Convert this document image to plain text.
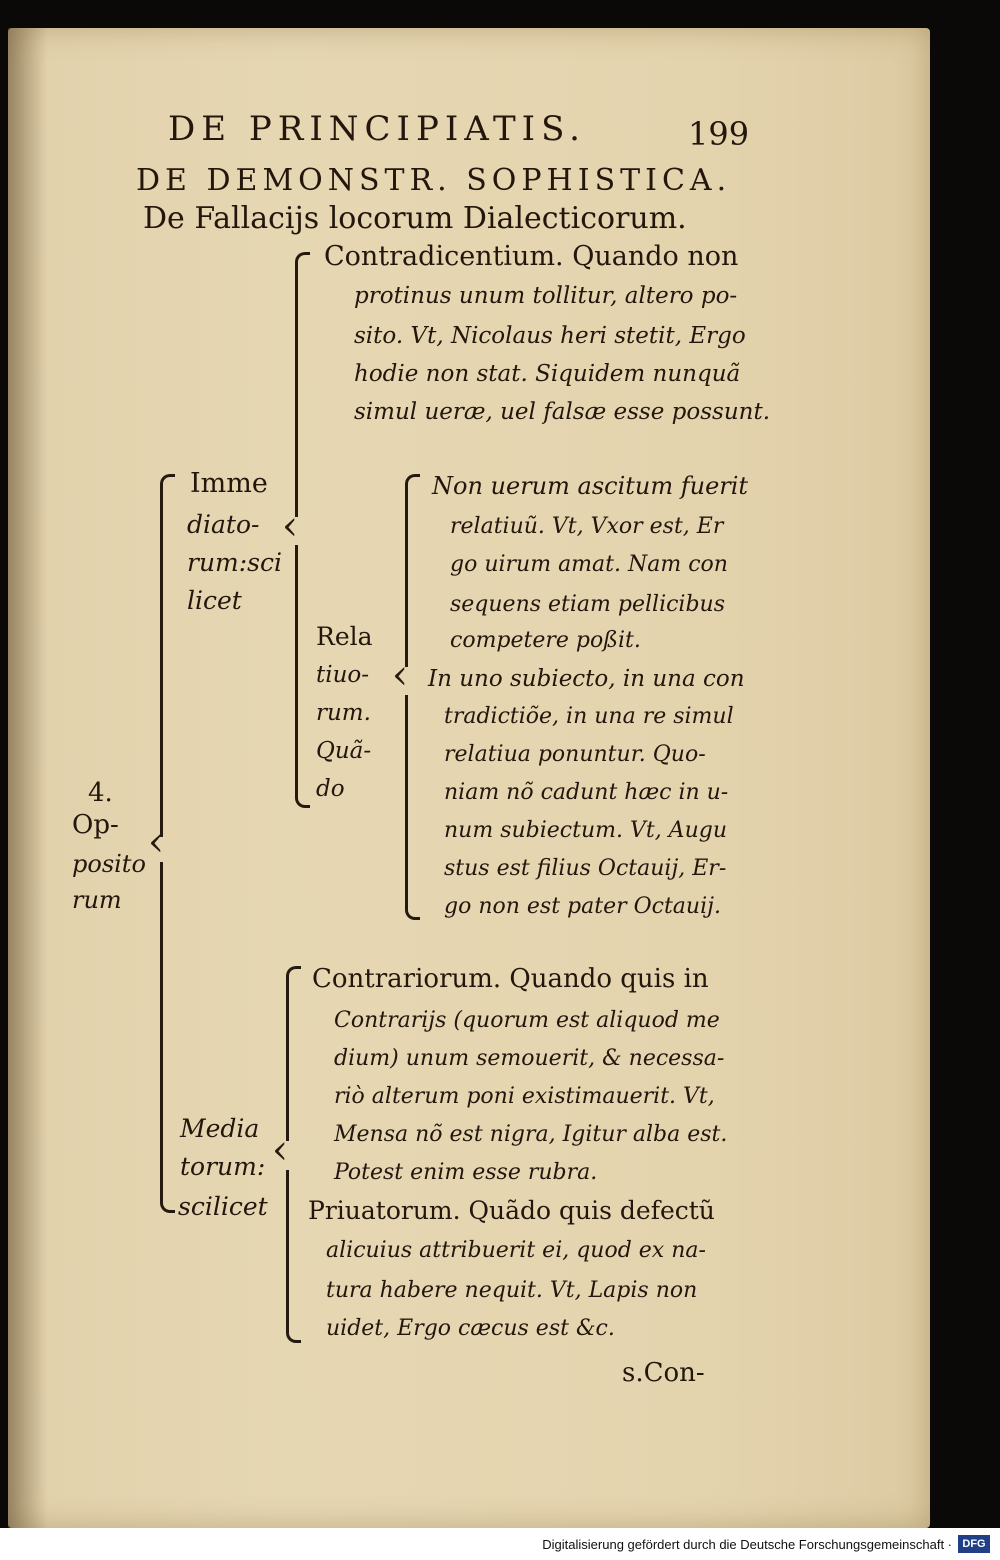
DE PRINCIPIATIS.	199
DE DEMONSTR. SOPHISTICA.
De Fallacijs locorum Dialecticorum.
4.
Op-
posito
rum
‹
Imme
diato-
rum:sci
licet
‹
Contradicentium. Quando non
protinus unum tollitur, altero po-
sito. Vt, Nicolaus heri stetit, Ergo
hodie non stat. Siquidem nunquã
simul ueræ, uel falsæ esse possunt.
Rela
tiuo-
rum.
Quã-
do
‹
Non uerum ascitum fuerit
relatiuũ. Vt, Vxor est, Er
go uirum amat. Nam con
sequens etiam pellicibus
competere poßit.
In uno subiecto, in una con
tradictiõe, in una re simul
relatiua ponuntur. Quo-
niam nõ cadunt hæc in u-
num subiectum. Vt, Augu
stus est filius Octauij, Er-
go non est pater Octauij.
Media
torum:
scilicet
‹
Contrariorum. Quando quis in
Contrarijs (quorum est aliquod me
dium) unum semouerit, & necessa-
riò alterum poni existimauerit. Vt,
Mensa nõ est nigra, Igitur alba est.
Potest enim esse rubra.
Priuatorum. Quãdo quis defectũ
alicuius attribuerit ei, quod ex na-
tura habere nequit. Vt, Lapis non
uidet, Ergo cæcus est &c.
s.Con-
Digitalisierung gefördert durch die Deutsche Forschungsgemeinschaft · DFG
